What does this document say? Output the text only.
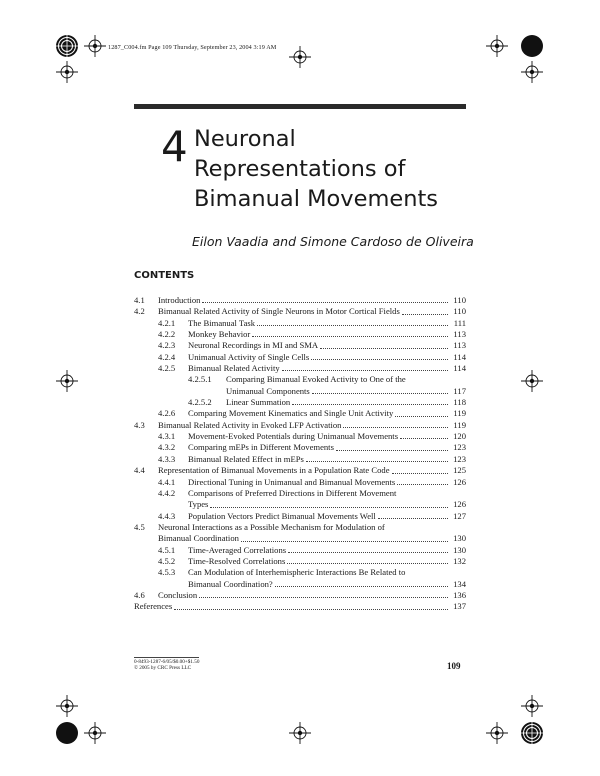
1287_C004.fm Page 109 Thursday, September 23, 2004 3:19 AM
4 Neuronal
Representations of
Bimanual Movements
Eilon Vaadia and Simone Cardoso de Oliveira
CONTENTS
4.1	Introduction	110
4.2	Bimanual Related Activity of Single Neurons in Motor Cortical Fields	110
4.2.1	The Bimanual Task	111
4.2.2	Monkey Behavior	113
4.2.3	Neuronal Recordings in MI and SMA	113
4.2.4	Unimanual Activity of Single Cells	114
4.2.5	Bimanual Related Activity	114
4.2.5.1	Comparing Bimanual Evoked Activity to One of the
Unimanual Components	117
4.2.5.2	Linear Summation	118
4.2.6	Comparing Movement Kinematics and Single Unit Activity	119
4.3	Bimanual Related Activity in Evoked LFP Activation	119
4.3.1	Movement-Evoked Potentials during Unimanual Movements	120
4.3.2	Comparing mEPs in Different Movements	123
4.3.3	Bimanual Related Effect in mEPs	123
4.4	Representation of Bimanual Movements in a Population Rate Code	125
4.4.1	Directional Tuning in Unimanual and Bimanual Movements	126
4.4.2	Comparisons of Preferred Directions in Different Movement
Types	126
4.4.3	Population Vectors Predict Bimanual Movements Well	127
4.5	Neuronal Interactions as a Possible Mechanism for Modulation of
Bimanual Coordination	130
4.5.1	Time-Averaged Correlations	130
4.5.2	Time-Resolved Correlations	132
4.5.3	Can Modulation of Interhemispheric Interactions Be Related to
Bimanual Coordination?	134
4.6	Conclusion	136
References	137
0-8493-1287-6/05/$0.00+$1.50
© 2005 by CRC Press LLC	109
